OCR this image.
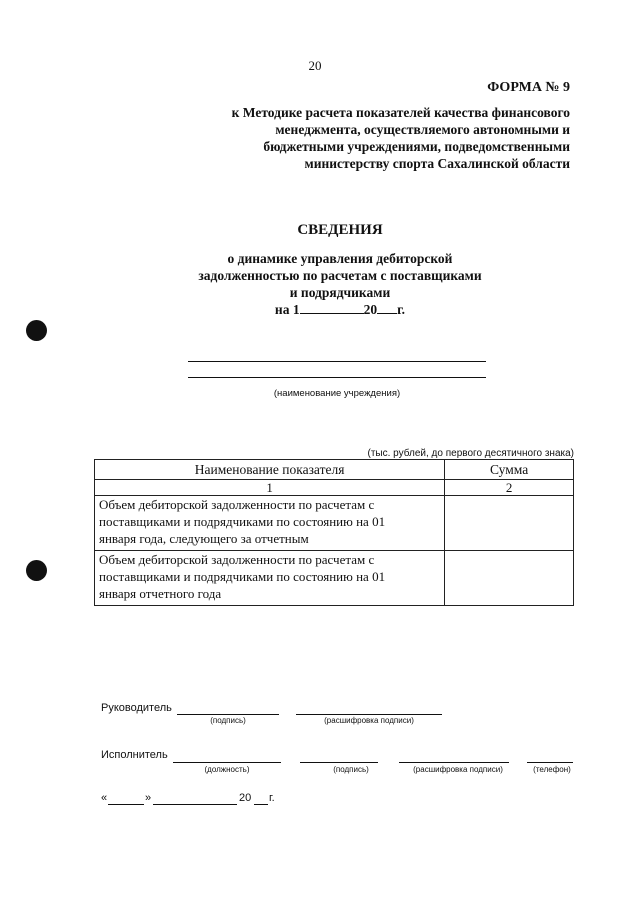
20
ФОРМА № 9
к Методике расчета показателей качества финансового
менеджмента, осуществляемого автономными и
бюджетными учреждениями, подведомственными
министерству спорта Сахалинской области
СВЕДЕНИЯ
о динамике управления дебиторской
задолженностью по расчетам с поставщиками
и подрядчиками
на 1	20 г.
(наименование учреждения)
(тыс. рублей, до первого десятичного знака)
Наименование показателя	Сумма
1	2

Объем дебиторской задолженности по расчетам с
поставщиками и подрядчиками по состоянию на 01
января года, следующего за отчетным	

Объем дебиторской задолженности по расчетам с
поставщиками и подрядчиками по состоянию на 01
января отчетного года	

Руководитель
(подпись)	(расшифровка подписи)
Исполнитель
(должность)	(подпись)	(расшифровка подписи)	(телефон)
«	»	20 г.
